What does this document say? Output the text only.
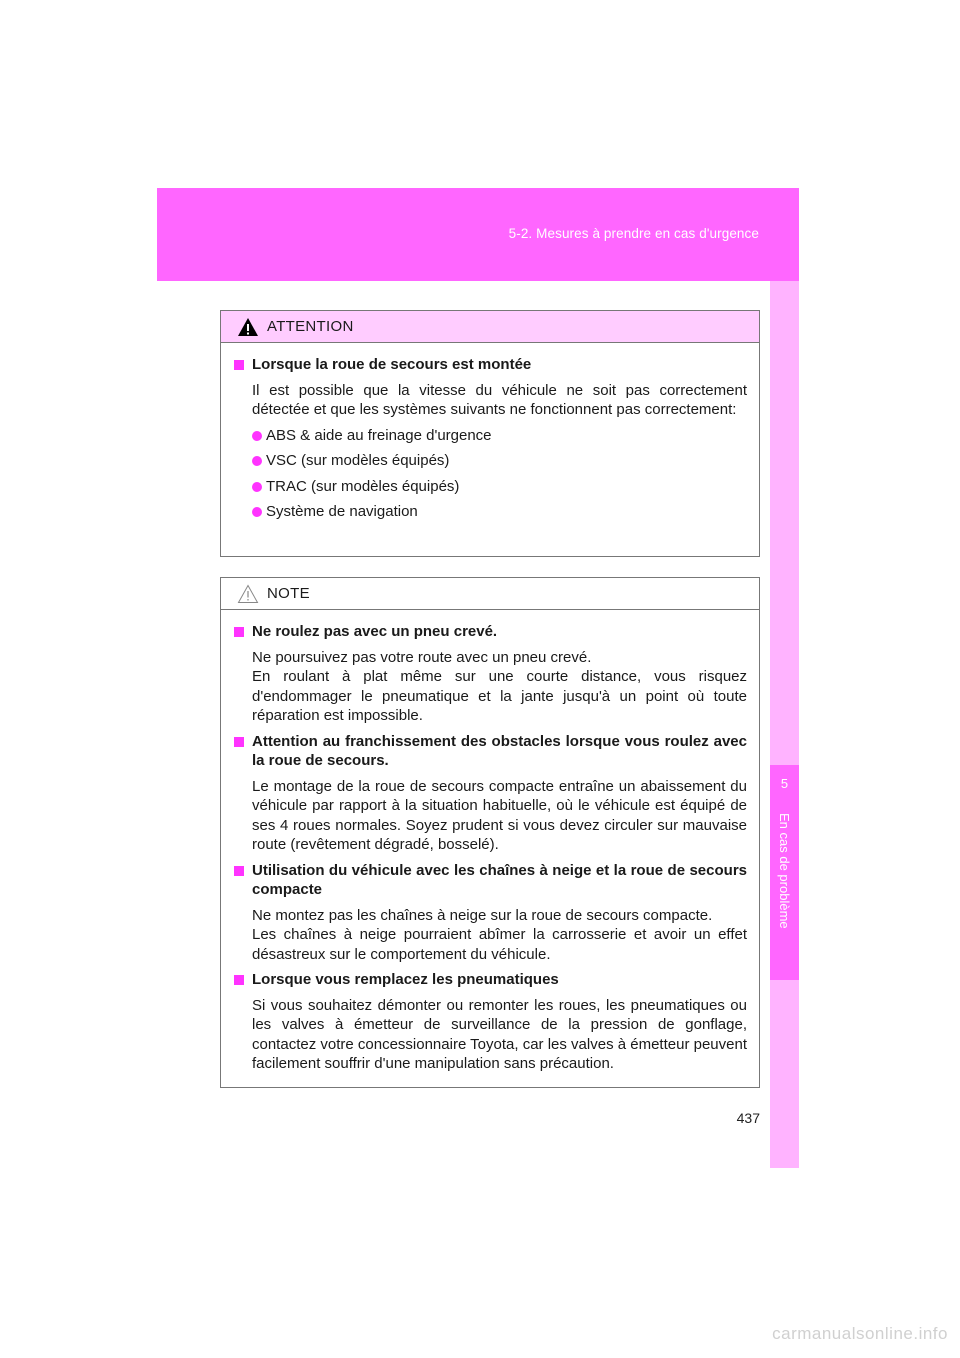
5-2. Mesures à prendre en cas d'urgence
5
En cas de problème
ATTENTION
Lorsque la roue de secours est montée
Il est possible que la vitesse du véhicule ne soit pas correctement détectée et que les systèmes suivants ne fonctionnent pas correctement:
ABS & aide au freinage d'urgence
VSC (sur modèles équipés)
TRAC (sur modèles équipés)
Système de navigation
NOTE
Ne roulez pas avec un pneu crevé.
Ne poursuivez pas votre route avec un pneu crevé.
En roulant à plat même sur une courte distance, vous risquez d'endommager le pneumatique et la jante jusqu'à un point où toute réparation est impossible.
Attention au franchissement des obstacles lorsque vous roulez avec la roue de secours.
Le montage de la roue de secours compacte entraîne un abaissement du véhicule par rapport à la situation habituelle, où le véhicule est équipé de ses 4 roues normales. Soyez prudent si vous devez circuler sur mauvaise route (revêtement dégradé, bosselé).
Utilisation du véhicule avec les chaînes à neige et la roue de secours compacte
Ne montez pas les chaînes à neige sur la roue de secours compacte.
Les chaînes à neige pourraient abîmer la carrosserie et avoir un effet désastreux sur le comportement du véhicule.
Lorsque vous remplacez les pneumatiques
Si vous souhaitez démonter ou remonter les roues, les pneumatiques ou les valves à émetteur de surveillance de la pression de gonflage, contactez votre concessionnaire Toyota, car les valves à émetteur peuvent facilement souffrir d'une manipulation sans précaution.
437
carmanualsonline.info
